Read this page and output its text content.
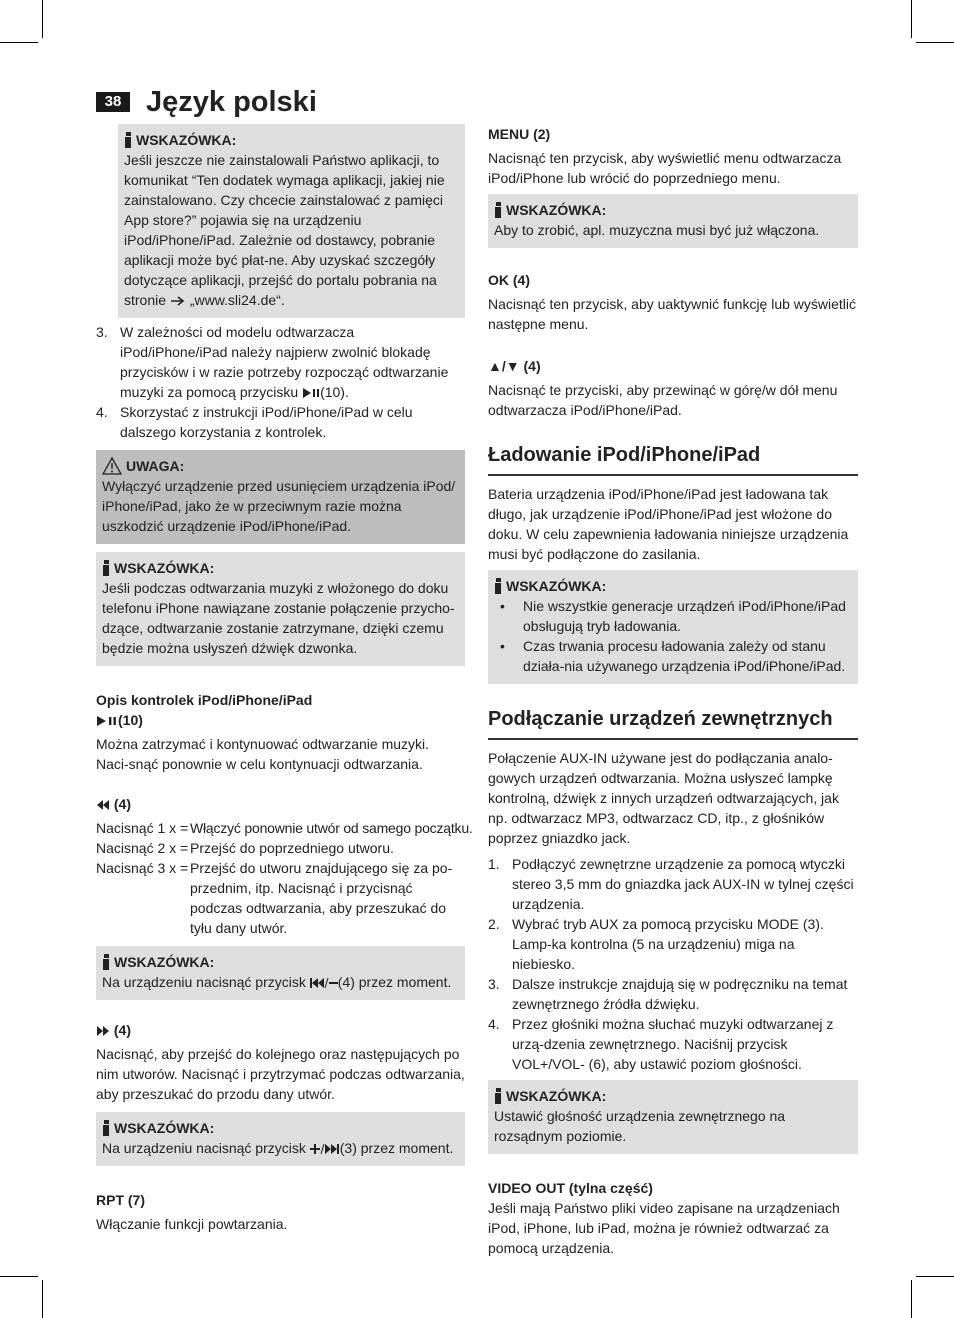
38 Język polski
WSKAZÓWKA:

Jeśli jeszcze nie zainstalowali Państwo aplikacji, to komunikat “Ten dodatek wymaga aplikacji, jakiej nie zainstalowano. Czy chcecie zainstalować z pamięci App store?” pojawia się na urządzeniu iPod/iPhone/iPad. Zależnie od dostawcy, pobranie aplikacji może być płat-ne. Aby uzyskać szczegóły dotyczące aplikacji, przejść do portalu pobrania na stronie „www.sli24.de“.

3. W zależności od modelu odtwarzacza iPod/iPhone/iPad należy najpierw zwolnić blokadę przycisków i w razie potrzeby rozpocząć odtwarzanie muzyki za pomocą przycisku (10).
4. Skorzystać z instrukcji iPod/iPhone/iPad w celu dalszego korzystania z kontrolek.
UWAGA:

Wyłączyć urządzenie przed usunięciem urządzenia iPod/ iPhone/iPad, jako że w przeciwnym razie można uszkodzić urządzenie iPod/iPhone/iPad.

WSKAZÓWKA:

Jeśli podczas odtwarzania muzyki z włożonego do doku telefonu iPhone nawiązane zostanie połączenie przycho-dzące, odtwarzanie zostanie zatrzymane, dzięki czemu będzie można usłyszeń dźwięk dzwonka.

Opis kontrolek iPod/iPhone/iPad

(10)

Można zatrzymać i kontynuować odtwarzanie muzyki. Naci-snąć ponownie w celu kontynuacji odtwarzania.

(4)

Nacisnąć 1 x = Włączyć ponownie utwór od samego początku.
Nacisnąć 2 x = Przejść do poprzedniego utworu.
Nacisnąć 3 x = Przejść do utworu znajdującego się za po-przednim, itp. Nacisnąć i przycisnąć podczas odtwarzania, aby przeszukać do tyłu dany utwór.
WSKAZÓWKA:

Na urządzeniu nacisnąć przycisk (4) przez moment.

(4)

Nacisnąć, aby przejść do kolejnego oraz następujących po nim utworów. Nacisnąć i przytrzymać podczas odtwarzania, aby przeszukać do przodu dany utwór.

WSKAZÓWKA:

Na urządzeniu nacisnąć przycisk (3) przez moment.

RPT (7)

Włączanie funkcji powtarzania.

MENU (2)

Nacisnąć ten przycisk, aby wyświetlić menu odtwarzacza iPod/iPhone lub wrócić do poprzedniego menu.

WSKAZÓWKA:

Aby to zrobić, apl. muzyczna musi być już włączona.

OK (4)

Nacisnąć ten przycisk, aby uaktywnić funkcję lub wyświetlić następne menu.

▲/▼ (4)

Nacisnąć te przyciski, aby przewinąć w górę/w dół menu odtwarzacza iPod/iPhone/iPad.

Ładowanie iPod/iPhone/iPad

Bateria urządzenia iPod/iPhone/iPad jest ładowana tak długo, jak urządzenie iPod/iPhone/iPad jest włożone do doku. W celu zapewnienia ładowania niniejsze urządzenia musi być podłączone do zasilania.

WSKAZÓWKA:
•	Nie wszystkie generacje urządzeń iPod/iPhone/iPad obsługują tryb ładowania.
•	Czas trwania procesu ładowania zależy od stanu działa-nia używanego urządzenia iPod/iPhone/iPad.
Podłączanie urządzeń zewnętrznych

Połączenie AUX-IN używane jest do podłączania analo-gowych urządzeń odtwarzania. Można usłyszeć lampkę kontrolną, dźwięk z innych urządzeń odtwarzających, jak np. odtwarzacz MP3, odtwarzacz CD, itp., z głośników poprzez gniazdko jack.

1. Podłączyć zewnętrzne urządzenie za pomocą wtyczki stereo 3,5 mm do gniazdka jack AUX-IN w tylnej części urządzenia.
2. Wybrać tryb AUX za pomocą przycisku MODE (3). Lamp-ka kontrolna (5 na urządzeniu) miga na niebiesko.
3. Dalsze instrukcje znajdują się w podręczniku na temat zewnętrznego źródła dźwięku.
4. Przez głośniki można słuchać muzyki odtwarzanej z urzą-dzenia zewnętrznego. Naciśnij przycisk VOL+/VOL- (6), aby ustawić poziom głośności.
WSKAZÓWKA:

Ustawić głośność urządzenia zewnętrznego na rozsądnym poziomie.

VIDEO OUT (tylna część)

Jeśli mają Państwo pliki video zapisane na urządzeniach iPod, iPhone, lub iPad, można je również odtwarzać za pomocą urządzenia.
